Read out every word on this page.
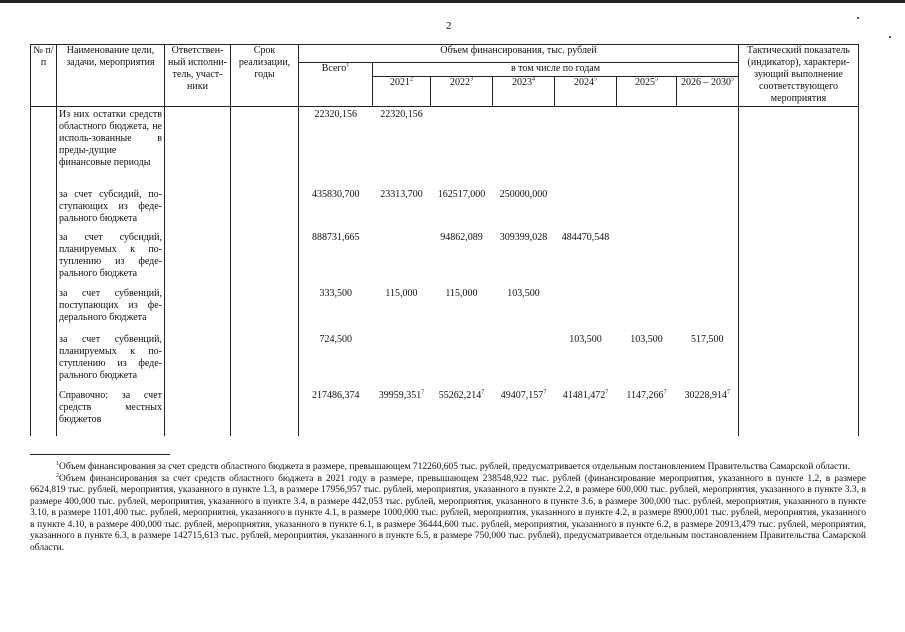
2
№ п/п	Наименование цели, задачи, мероприятия	Ответствен-ный исполни-тель, участ-ники	Срок реализации, годы	Объем финансирования, тыс. рублей							Тактический показатель (индикатор), характери-зующий выполнение соответствующего мероприятия
				Всего$^1$	в том числе по годам						
					2021$^2$	2022$^3$	2023$^4$	2024$^5$	2025$^5$	2026 – 2030$^5$
	Из них остатки средств областного бюджета, не исполь-зованные в преды-дущие финансовые периоды			22320,156	22320,156						
	за счет субсидий, по-ступающих из феде-рального бюджета			435830,700	23313,700	162517,000	250000,000				
	за счет субсидий, планируемых к по-туплению из феде-рального бюджета			888731,665		94862,089	309399,028	484470,548			
	за счет субвенций, поступающих из фе-дерального бюджета			333,500	115,000	115,000	103,500				
	за счет субвенций, планируемых к по-ступлению из феде-рального бюджета			724,500				103,500	103,500	517,500	
	Справочно: за счет средств местных бюджетов			217486,374	39959,351$^7$	55262,214$^7$	49407,157$^7$	41481,472$^7$	1147,266$^7$	30228,914$^7$	

$^1$Объем финансирования за счет средств областного бюджета в размере, превышающем 712260,605 тыс. рублей, предусматривается отдельным постановлением Правительства Самарской области.

$^2$Объем финансирования за счет средств областного бюджета в 2021 году в размере, превышающем 238548,922 тыс. рублей (финансирование мероприятия, указанного в пункте 1.2, в размере 6624,819 тыс. рублей, мероприятия, указанного в пункте 1.3, в размере 17956,957 тыс. рублей, мероприятия, указанного в пункте 2.2, в размере 600,000 тыс. рублей, мероприятия, указанного в пункте 3.3, в размере 400,000 тыс. рублей, мероприятия, указанного в пункте 3.4, в размере 442,053 тыс. рублей, мероприятия, указанного в пункте 3.6, в размере 300,000 тыс. рублей, мероприятия, указанного в пункте 3.10, в размере 1101,400 тыс. рублей, мероприятия, указанного в пункте 4.1, в размере 1000,000 тыс. рублей, мероприятия, указанного в пункте 4.2, в размере 8900,001 тыс. рублей, мероприятия, указанного в пункте 4.10, в размере 400,000 тыс. рублей, мероприятия, указанного в пункте 6.1, в размере 36444,600 тыс. рублей, мероприятия, указанного в пункте 6.2, в размере 20913,479 тыс. рублей, мероприятия, указанного в пункте 6.3, в размере 142715,613 тыс. рублей, мероприятия, указанного в пункте 6.5, в размере 750,000 тыс. рублей), предусматривается отдельным постановлением Правительства Самарской области.
